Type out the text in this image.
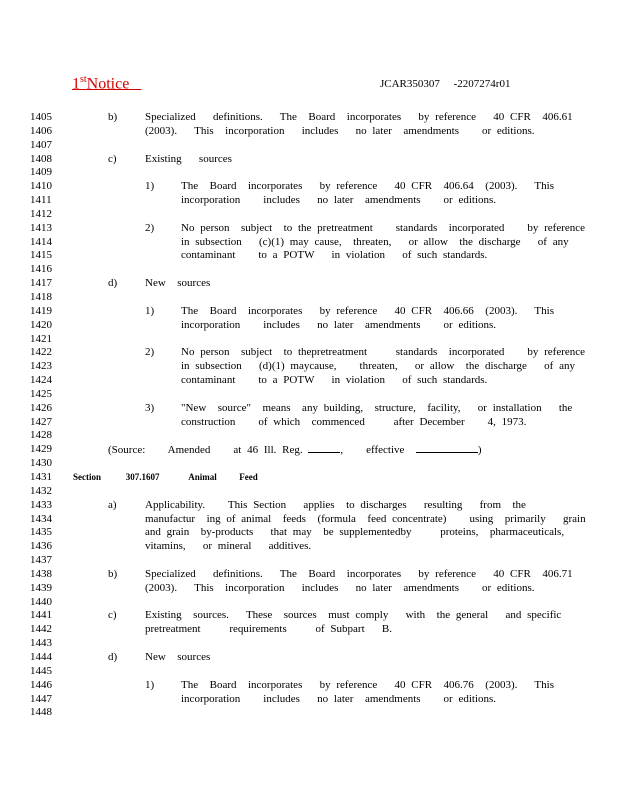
1stNotice	JCAR350307     -2207274r01
1405
1406
1407
1408
1409
1410
1411
1412
1413
1414
1415
1416
1417
1418
1419
1420
1421
1422
1423
1424
1425
1426
1427
1428
1429
1430
1431
1432
1433
1434
1435
1436
1437
1438
1439
1440
1441
1442
1443
1444
1445
1446
1447
1448
b)	Specialized   definitions.   The  Board  incorporates   by reference   40 CFR  406.61
(2003).   This  incorporation   includes   no later  amendments    or editions.
c)	Existing   sources
1) The  Board  incorporates   by reference   40 CFR  406.64  (2003).   This
incorporation    includes   no later  amendments    or editions.
2) No person  subject  to the pretreatment    standards  incorporated    by reference
in subsection   (c)(1) may cause,  threaten,   or allow  the discharge   of any
contaminant    to a POTW   in violation   of such standards.
d)	New  sources
1) The  Board  incorporates   by reference   40 CFR  406.66  (2003).   This
incorporation    includes   no later  amendments    or editions.
2) No person  subject  to thepretreatment     standards  incorporated    by reference
in subsection   (d)(1) maycause,    threaten,   or allow  the discharge   of any
contaminant    to a POTW   in violation   of such standards.
3) "New  source"  means  any building,  structure,  facility,   or installation   the
construction    of which  commenced     after December    4, 1973.
(Source:    Amended    at 46 Ill. Reg.	,    effective	)
Section           307.1607             Animal          Feed
a)	Applicability.    This Section   applies  to discharges   resulting   from  the
manufactur  ing of animal  feeds  (formula  feed concentrate)    using  primarily   grain
and grain  by-products   that may  be supplementedby     proteins,  pharmaceuticals,
vitamins,   or mineral   additives.
b)	Specialized   definitions.   The  Board  incorporates   by reference   40 CFR  406.71
(2003).   This  incorporation   includes   no later  amendments    or editions.
c)	Existing  sources.   These  sources  must comply   with  the general   and specific
pretreatment     requirements     of Subpart   B.
d)	New  sources
1) The  Board  incorporates   by reference   40 CFR  406.76  (2003).   This
incorporation    includes   no later  amendments    or editions.
